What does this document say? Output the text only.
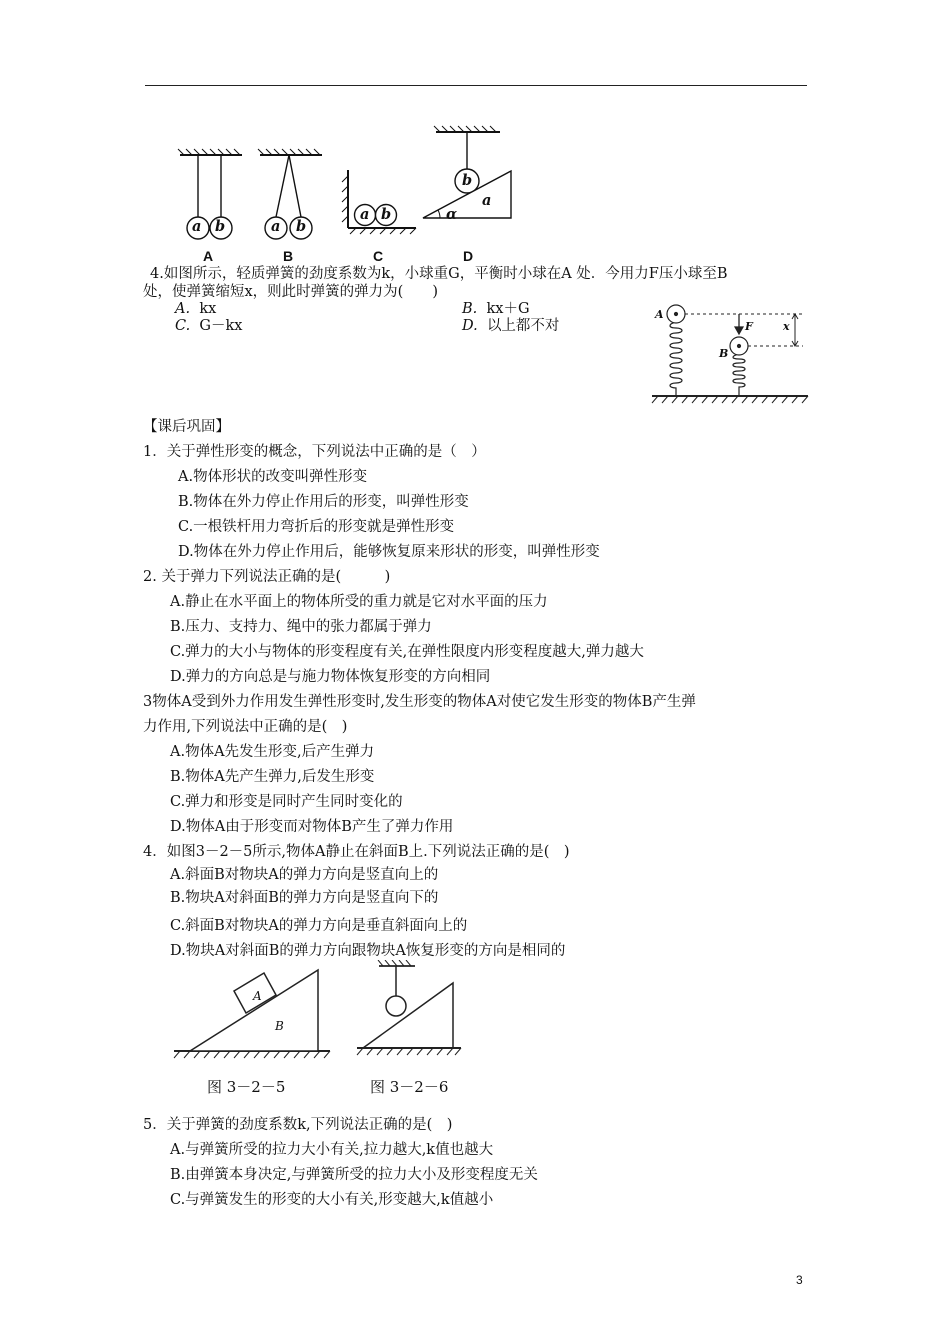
a b	a b
a b
b
a
α
A	B	C	D
4.如图所示，轻质弹簧的劲度系数为k，小球重G，平衡时小球在A 处．今用力F压小球至B
处，使弹簧缩短x，则此时弹簧的弹力为(　　)
A. kx	B. kx＋G
C. G－kx	D. 以上都不对
A
B
F	x
【课后巩固】
1．关于弹性形变的概念，下列说法中正确的是（　）
A.物体形状的改变叫弹性形变
B.物体在外力停止作用后的形变，叫弹性形变
C.一根铁杆用力弯折后的形变就是弹性形变
D.物体在外力停止作用后，能够恢复原来形状的形变，叫弹性形变
2. 关于弹力下列说法正确的是(　　　)
A.静止在水平面上的物体所受的重力就是它对水平面的压力
B.压力、支持力、绳中的张力都属于弹力
C.弹力的大小与物体的形变程度有关,在弹性限度内形变程度越大,弹力越大
D.弹力的方向总是与施力物体恢复形变的方向相同
3物体A受到外力作用发生弹性形变时,发生形变的物体A对使它发生形变的物体B产生弹
力作用,下列说法中正确的是(　)
A.物体A先发生形变,后产生弹力
B.物体A先产生弹力,后发生形变
C.弹力和形变是同时产生同时变化的
D.物体A由于形变而对物体B产生了弹力作用
4．如图3－2－5所示,物体A静止在斜面B上.下列说法正确的是(　)
A.斜面B对物块A的弹力方向是竖直向上的
B.物块A对斜面B的弹力方向是竖直向下的
C.斜面B对物块A的弹力方向是垂直斜面向上的
D.物块A对斜面B的弹力方向跟物块A恢复形变的方向是相同的
A
B
图 3－2－5	图 3－2－6
5．关于弹簧的劲度系数k,下列说法正确的是(　)
A.与弹簧所受的拉力大小有关,拉力越大,k值也越大
B.由弹簧本身决定,与弹簧所受的拉力大小及形变程度无关
C.与弹簧发生的形变的大小有关,形变越大,k值越小
3
